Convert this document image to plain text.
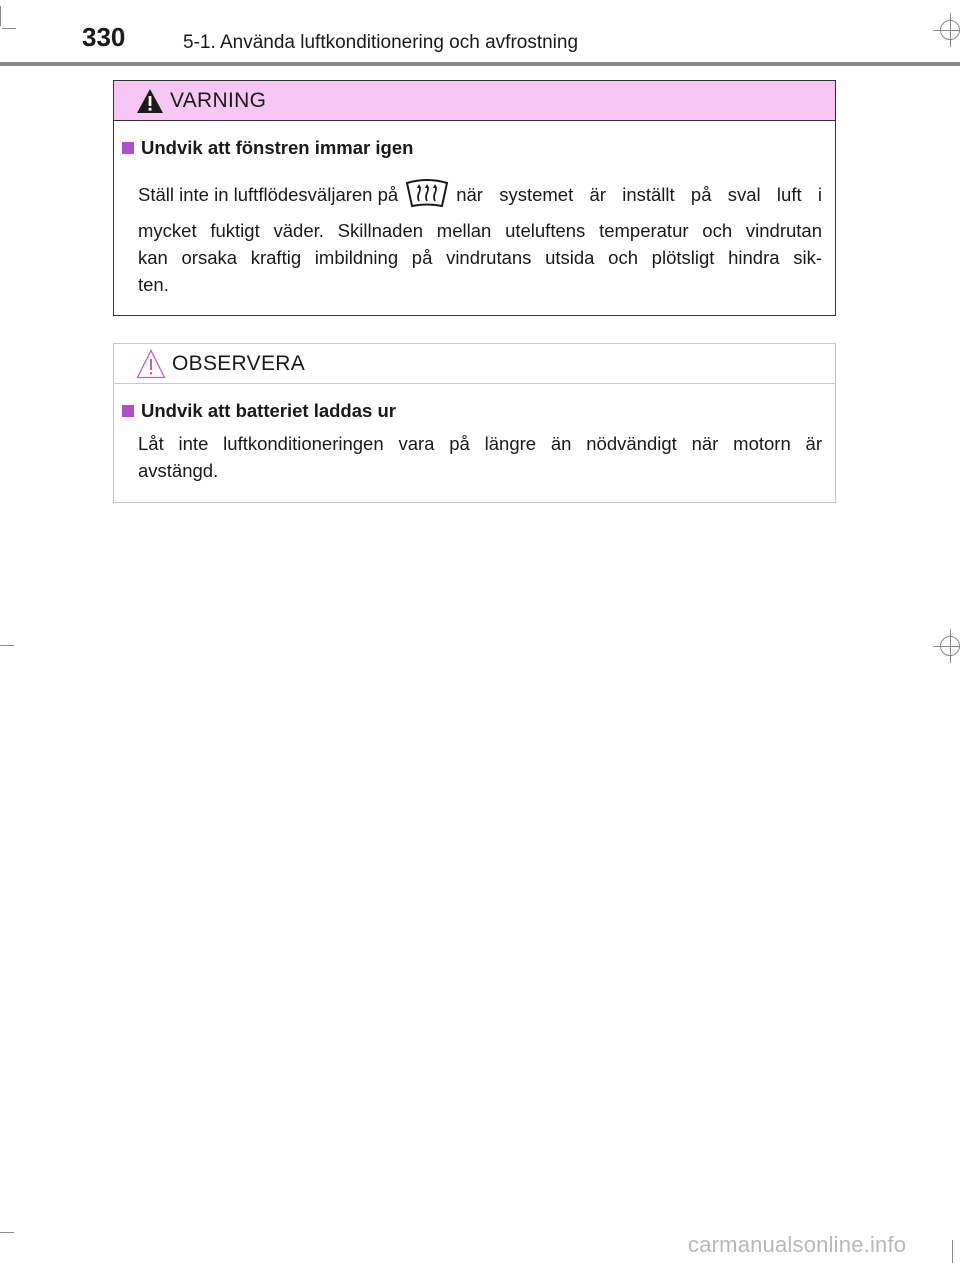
330	5-1. Använda luftkonditionering och avfrostning
VARNING
Undvik att fönstren immar igen
Ställ inte in luftflödesväljaren på	när systemet är inställt på sval luft i
mycket fuktigt väder. Skillnaden mellan uteluftens temperatur och vindrutan
kan orsaka kraftig imbildning på vindrutans utsida och plötsligt hindra sik-
ten.
OBSERVERA
Undvik att batteriet laddas ur
Låt inte luftkonditioneringen vara på längre än nödvändigt när motorn är
avstängd.
carmanualsonline.info
